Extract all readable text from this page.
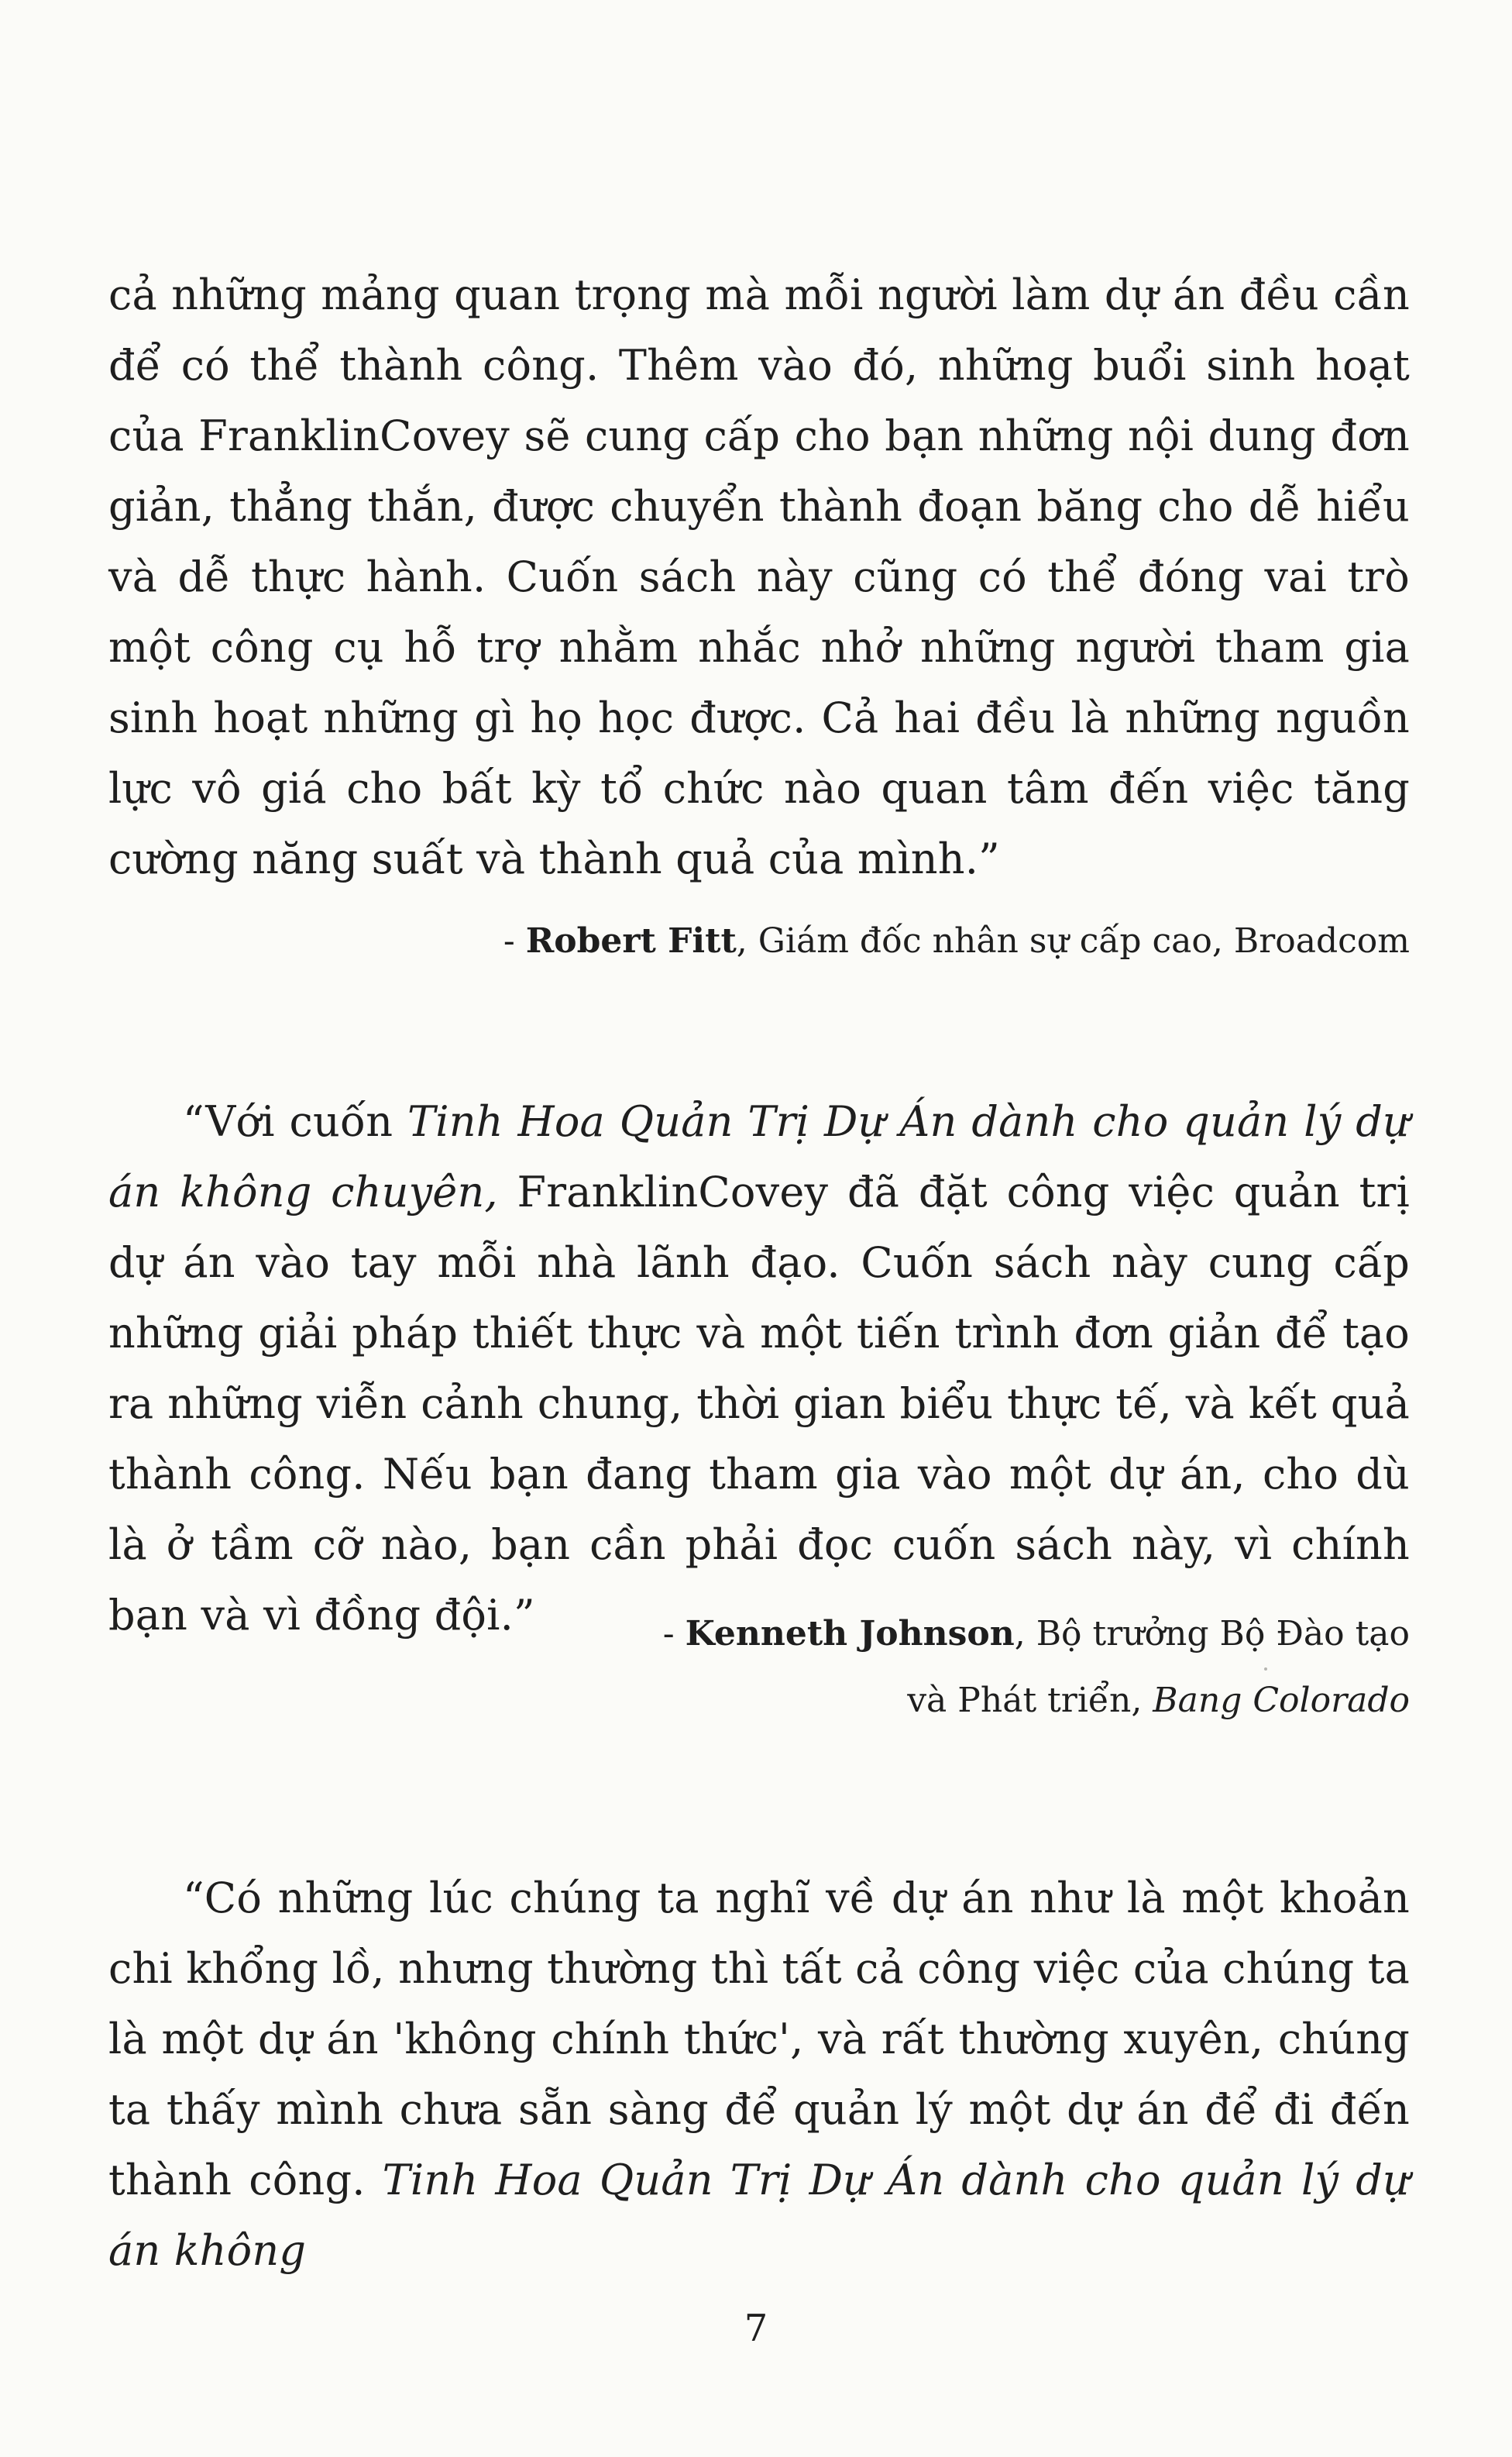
cả những mảng quan trọng mà mỗi người làm dự án đều cần để có thể thành công. Thêm vào đó, những buổi sinh hoạt của FranklinCovey sẽ cung cấp cho bạn những nội dung đơn giản, thẳng thắn, được chuyển thành đoạn băng cho dễ hiểu và dễ thực hành. Cuốn sách này cũng có thể đóng vai trò một công cụ hỗ trợ nhằm nhắc nhở những người tham gia sinh hoạt những gì họ học được. Cả hai đều là những nguồn lực vô giá cho bất kỳ tổ chức nào quan tâm đến việc tăng cường năng suất và thành quả của mình.”

- Robert Fitt, Giám đốc nhân sự cấp cao, Broadcom

“Với cuốn Tinh Hoa Quản Trị Dự Án dành cho quản lý dự án không chuyên, FranklinCovey đã đặt công việc quản trị dự án vào tay mỗi nhà lãnh đạo. Cuốn sách này cung cấp những giải pháp thiết thực và một tiến trình đơn giản để tạo ra những viễn cảnh chung, thời gian biểu thực tế, và kết quả thành công. Nếu bạn đang tham gia vào một dự án, cho dù là ở tầm cỡ nào, bạn cần phải đọc cuốn sách này, vì chính bạn và vì đồng đội.”	- Kenneth Johnson, Bộ trưởng Bộ Đào tạo

và Phát triển, Bang Colorado

“Có những lúc chúng ta nghĩ về dự án như là một khoản chi khổng lồ, nhưng thường thì tất cả công việc của chúng ta là một dự án 'không chính thức', và rất thường xuyên, chúng ta thấy mình chưa sẵn sàng để quản lý một dự án để đi đến thành công. Tinh Hoa Quản Trị Dự Án dành cho quản lý dự án không

7
